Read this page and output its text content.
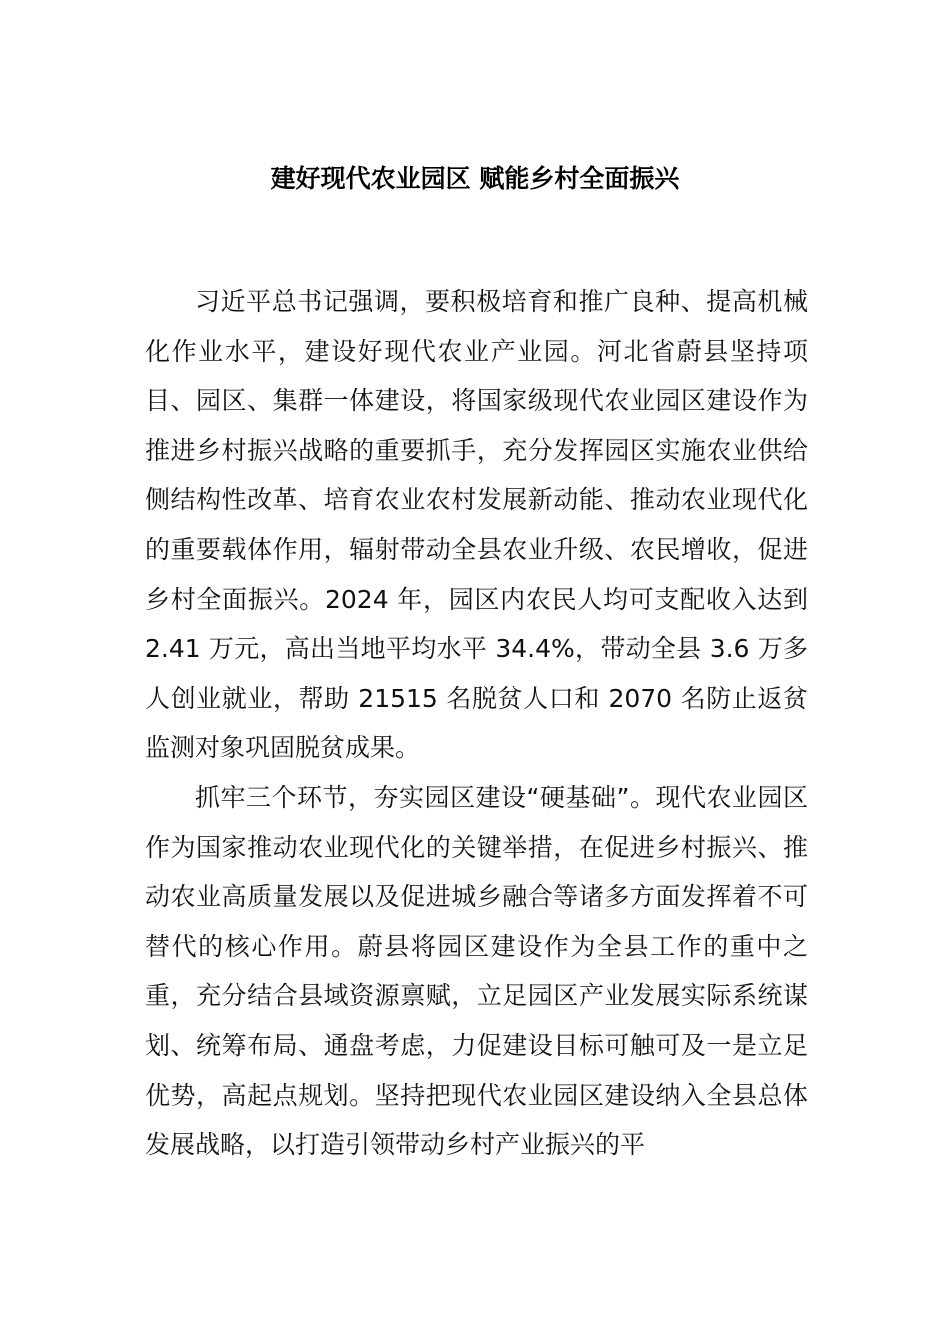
建好现代农业园区 赋能乡村全面振兴

习近平总书记强调，要积极培育和推广良种、提高机械化作业水平，建设好现代农业产业园。河北省蔚县坚持项目、园区、集群一体建设，将国家级现代农业园区建设作为推进乡村振兴战略的重要抓手，充分发挥园区实施农业供给侧结构性改革、培育农业农村发展新动能、推动农业现代化的重要载体作用，辐射带动全县农业升级、农民增收，促进乡村全面振兴。2024 年，园区内农民人均可支配收入达到 2.41 万元，高出当地平均水平 34.4%，带动全县 3.6 万多人创业就业，帮助 21515 名脱贫人口和 2070 名防止返贫监测对象巩固脱贫成果。

抓牢三个环节，夯实园区建设“硬基础”。现代农业园区作为国家推动农业现代化的关键举措，在促进乡村振兴、推动农业高质量发展以及促进城乡融合等诸多方面发挥着不可替代的核心作用。蔚县将园区建设作为全县工作的重中之重，充分结合县域资源禀赋，立足园区产业发展实际系统谋划、统筹布局、通盘考虑，力促建设目标可触可及一是立足优势，高起点规划。坚持把现代农业园区建设纳入全县总体发展战略，以打造引领带动乡村产业振兴的平
